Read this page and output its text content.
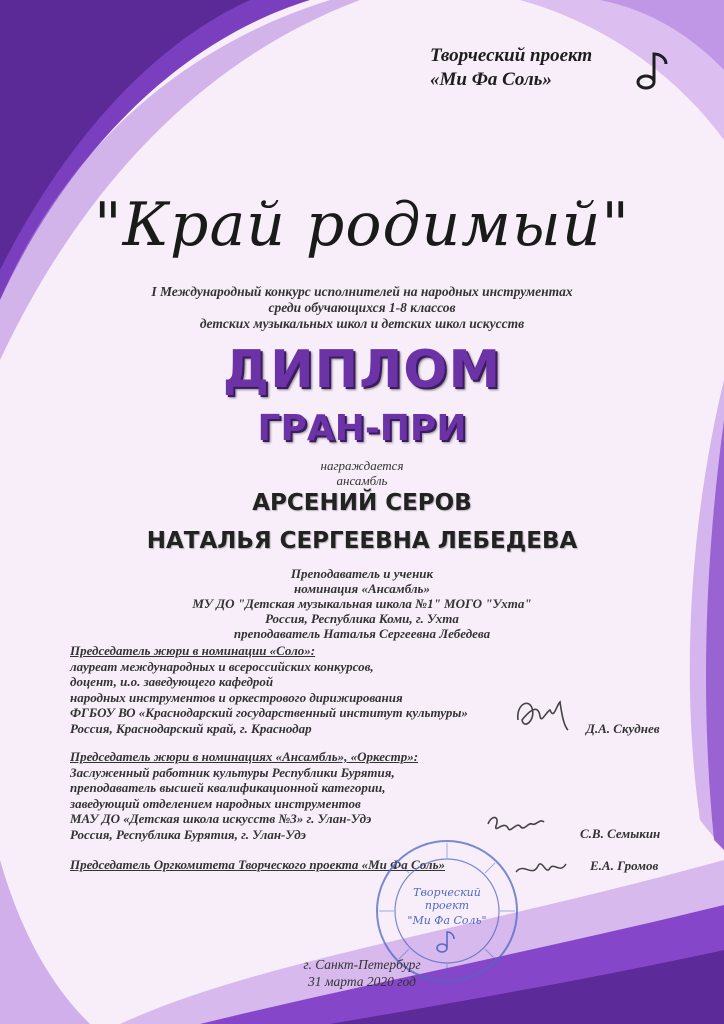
Творческий проект
«Ми Фа Соль»
"Край родимый"
I Международный конкурс исполнителей на народных инструментах
среди обучающихся 1-8 классов
детских музыкальных школ и детских школ искусств
ДИПЛОМ
ГРАН-ПРИ
награждается
ансамбль
АРСЕНИЙ СЕРОВ
НАТАЛЬЯ СЕРГЕЕВНА ЛЕБЕДЕВА
Преподаватель и ученик
номинация «Ансамбль»
МУ ДО "Детская музыкальная школа №1" МОГО "Ухта"
Россия, Республика Коми, г. Ухта
преподаватель Наталья Сергеевна Лебедева
Председатель жюри в номинации «Соло»:
лауреат международных и всероссийских конкурсов,
доцент, и.о. заведующего кафедрой
народных инструментов и оркестрового дирижирования
ФГБОУ ВО «Краснодарский государственный институт культуры»
Россия, Краснодарский край, г. Краснодар	Д.А. Скуднев
Председатель жюри в номинациях «Ансамбль», «Оркестр»:
Заслуженный работник культуры Республики Бурятия,
преподаватель высшей квалификационной категории,
заведующий отделением народных инструментов
МАУ ДО «Детская школа искусств №3» г. Улан-Удэ
Россия, Республика Бурятия, г. Улан-Удэ	С.В. Семыкин
Председатель Оргкомитета Творческого проекта «Ми Фа Соль»	Е.А. Громов
Творческий
проект
"Ми Фа Соль"
г. Санкт-Петербург
31 марта 2020 год
